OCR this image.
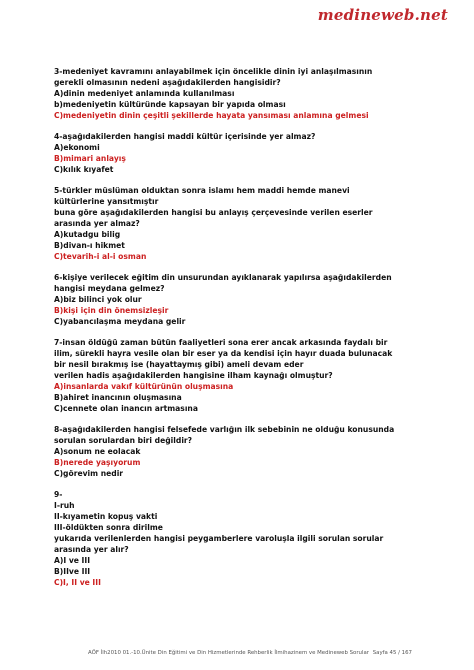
medineweb.net
3-medeniyet kavramını anlayabilmek için öncelikle dinin iyi anlaşılmasının
gerekli olmasının nedeni aşağıdakilerden hangisidir?
A)dinin medeniyet anlamında kullanılması
b)medeniyetin kültüründe kapsayan bir yapıda olması
C)medeniyetin dinin çeşitli şekillerde hayata yansıması anlamına gelmesi
4-aşağıdakilerden hangisi maddi kültür içerisinde yer almaz?
A)ekonomi
B)mimari anlayış
C)kılık kıyafet
5-türkler müslüman olduktan sonra islamı hem maddi hemde manevi
kültürlerine yansıtmıştır
buna göre aşağıdakilerden hangisi bu anlayış çerçevesinde verilen eserler
arasında yer almaz?
A)kutadgu bilig
B)divan-ı hikmet
C)tevarih-i al-i osman
6-kişiye verilecek eğitim din unsurundan ayıklanarak yapılırsa aşağıdakilerden
hangisi meydana gelmez?
A)biz bilinci yok olur
B)kişi için din önemsizleşir
C)yabancılaşma meydana gelir
7-insan öldüğü zaman bütün faaliyetleri sona erer ancak arkasında faydalı bir
ilim, sürekli hayra vesile olan bir eser ya da kendisi için hayır duada bulunacak
bir nesil bırakmış ise (hayattaymış gibi) ameli devam eder
verilen hadis aşağıdakilerden hangisine ilham kaynağı olmuştur?
A)insanlarda vakıf kültürünün oluşmasına
B)ahiret inancının oluşmasına
C)cennete olan inancın artmasına
8-aşağıdakilerden hangisi felsefede varlığın ilk sebebinin ne olduğu konusunda
sorulan sorulardan biri değildir?
A)sonum ne eolacak
B)nerede yaşıyorum
C)görevim nedir
9-
I-ruh
II-kıyametin kopuş vakti
III-öldükten sonra dirilme
yukarıda verilenlerden hangisi peygamberlere varoluşla ilgili sorulan sorular
arasında yer alır?
A)I ve III
B)IIve III
C)I, II ve III
AÖF İlh2010 01.-10.Ünite Din Eğitimi ve Din Hizmetlerinde Rehberlik İlmihazinem ve Medineweb Sorular Sayfa 45 / 167
